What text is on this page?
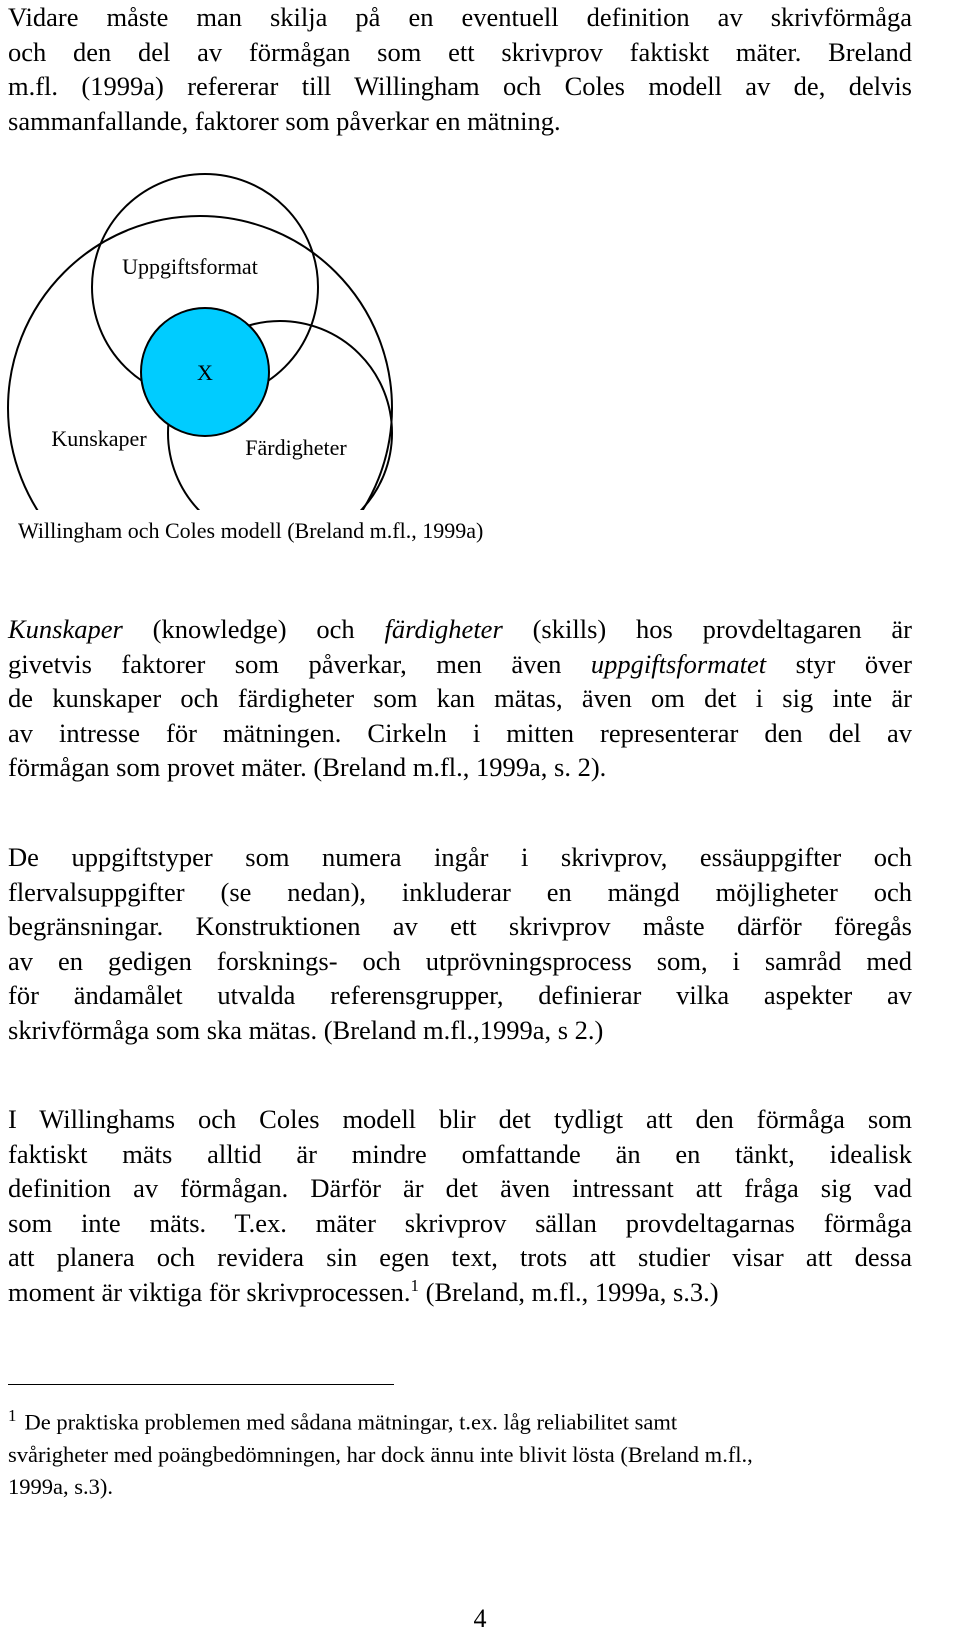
Vidare måste man skilja på en eventuell definition av skrivförmåga
och den del av förmågan som ett skrivprov faktiskt mäter. Breland
m.fl. (1999a) refererar till Willingham och Coles modell av de, delvis
sammanfallande, faktorer som påverkar en mätning.

Uppgiftsformat
X
Kunskaper	Färdigheter

Willingham och Coles modell (Breland m.fl., 1999a)

Kunskaper (knowledge) och färdigheter (skills) hos provdeltagaren är
givetvis faktorer som påverkar, men även uppgiftsformatet styr över
de kunskaper och färdigheter som kan mätas, även om det i sig inte är
av intresse för mätningen. Cirkeln i mitten representerar den del av
förmågan som provet mäter. (Breland m.fl., 1999a, s. 2).

De uppgiftstyper som numera ingår i skrivprov, essäuppgifter och
flervalsuppgifter (se nedan), inkluderar en mängd möjligheter och
begränsningar. Konstruktionen av ett skrivprov måste därför föregås
av en gedigen forsknings- och utprövningsprocess som, i samråd med
för ändamålet utvalda referensgrupper, definierar vilka aspekter av
skrivförmåga som ska mätas. (Breland m.fl.,1999a, s 2.)

I Willinghams och Coles modell blir det tydligt att den förmåga som
faktiskt mäts alltid är mindre omfattande än en tänkt, idealisk
definition av förmågan. Därför är det även intressant att fråga sig vad
som inte mäts. T.ex. mäter skrivprov sällan provdeltagarnas förmåga
att planera och revidera sin egen text, trots att studier visar att dessa
moment är viktiga för skrivprocessen.$^1$ (Breland, m.fl., 1999a, s.3.)

$^1$ De praktiska problemen med sådana mätningar, t.ex. låg reliabilitet samt
svårigheter med poängbedömningen, har dock ännu inte blivit lösta (Breland m.fl.,
1999a, s.3).

4
